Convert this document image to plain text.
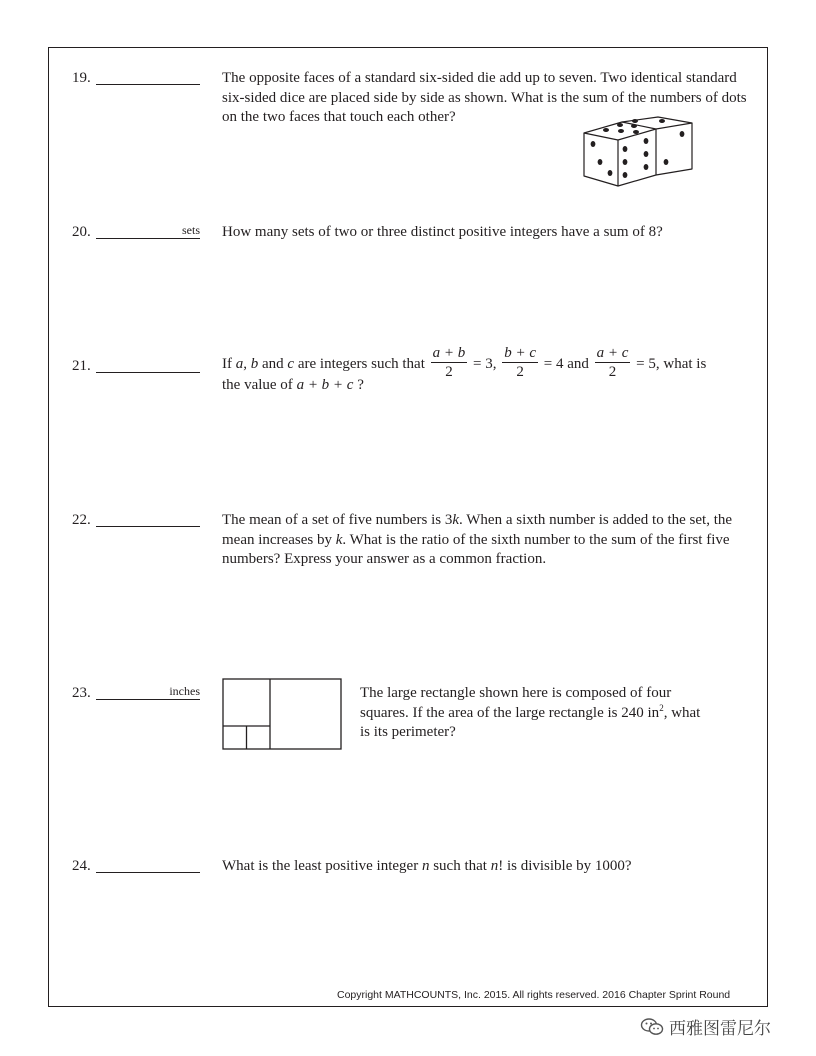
19.	The opposite faces of a standard six-sided die add up to seven. Two identical standard six-sided dice are placed side by side as shown. What is the sum of the numbers of dots on the two faces that touch each other?
20.	sets How many sets of two or three distinct positive integers have a sum of 8?
21.	If a, b and c are integers such that $\frac{a + b}{2} = 3$, $\frac{b + c}{2} = 4$ and $\frac{a + c}{2} = 5$, what is
the value of a + b + c ?
22.	The mean of a set of five numbers is 3k. When a sixth number is added to the set, the mean increases by k. What is the ratio of the sixth number to the sum of the first five numbers? Express your answer as a common fraction.
23.	inches	The large rectangle shown here is composed of four squares. If the area of the large rectangle is 240 $in^2$, what is its perimeter?
24.	What is the least positive integer n such that n! is divisible by 1000?
Copyright MATHCOUNTS, Inc. 2015. All rights reserved. 2016 Chapter Sprint Round
西雅图雷尼尔
